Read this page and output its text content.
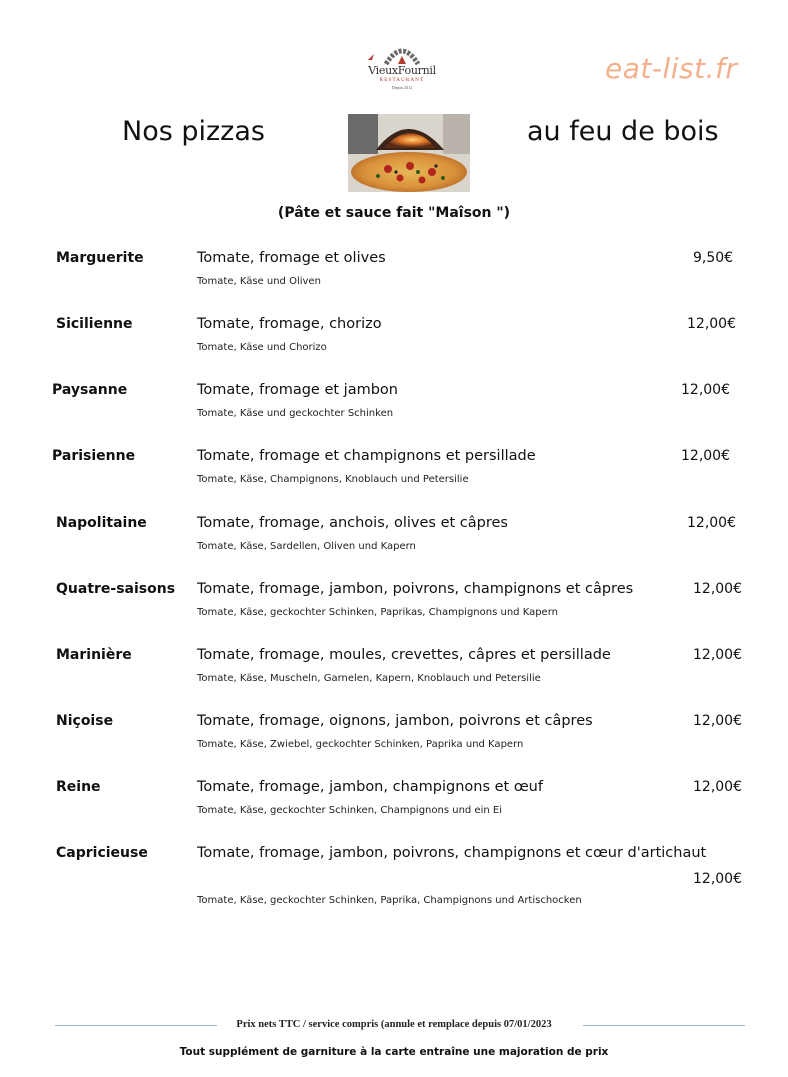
VieuxFournil
RESTAURANT
Depuis 2012
eat-list.fr
Nos pizzas	au feu de bois
(Pâte et sauce fait "Maîson ")
Marguerite	Tomate, fromage et olives
Tomate, Käse und Oliven
9,50€
Sicilienne	Tomate, fromage, chorizo
Tomate, Käse und Chorizo
12,00€
Paysanne	Tomate, fromage et jambon
Tomate, Käse und geckochter Schinken
12,00€
Parisienne	Tomate, fromage et champignons et persillade
Tomate, Käse, Champignons, Knoblauch und Petersilie
12,00€
Napolitaine	Tomate, fromage, anchois, olives et câpres
Tomate, Käse, Sardellen, Oliven und Kapern
12,00€
Quatre-saisons Tomate, fromage, jambon, poivrons, champignons et câpres
Tomate, Käse, geckochter Schinken, Paprikas, Champignons und Kapern
12,00€
Marinière	Tomate, fromage, moules, crevettes, câpres et persillade
Tomate, Käse, Muscheln, Garnelen, Kapern, Knoblauch und Petersilie
12,00€
Niçoise	Tomate, fromage, oignons, jambon, poivrons et câpres
Tomate, Käse, Zwiebel, geckochter Schinken, Paprika und Kapern
12,00€
Reine	Tomate, fromage, jambon, champignons et œuf
Tomate, Käse, geckochter Schinken, Champignons und ein Ei
12,00€
Capricieuse	Tomate, fromage, jambon, poivrons, champignons et cœur d'artichaut
12,00€
Tomate, Käse, geckochter Schinken, Paprika, Champignons und Artischocken
Prix nets TTC / service compris (annule et remplace depuis 07/01/2023
Tout supplément de garniture à la carte entraîne une majoration de prix
